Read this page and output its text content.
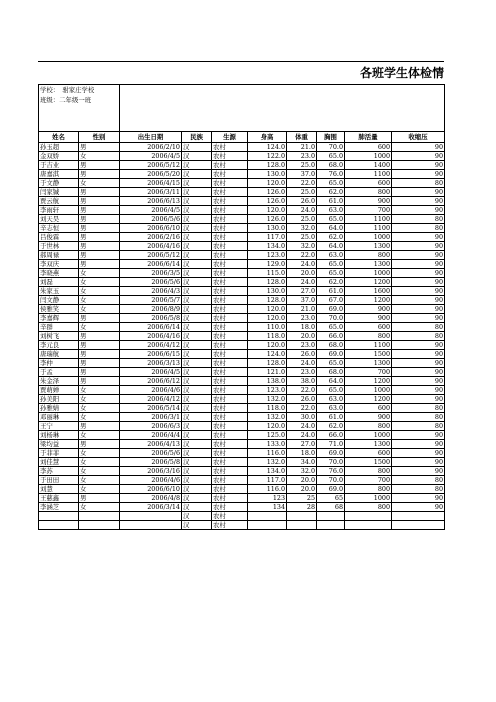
各班学生体检情
学校：　驸家庄学校
班级：二年级一班									

姓名	性别	出生日期	民族	生源	身高	体重	胸围	肺活量	收缩压
孙玉超	男	2006/2/10	汉	农村	124.0	21.0	70.0	600	90
金双娇	女	2006/4/5	汉	农村	122.0	23.0	65.0	1000	90
于吉业	男	2006/5/12	汉	农村	128.0	25.0	68.0	1400	90
唐嘉淇	男	2006/5/20	汉	农村	130.0	37.0	76.0	1100	90
于文静	女	2006/4/15	汉	农村	120.0	22.0	65.0	600	80
闫家铖	男	2006/3/11	汉	农村	126.0	25.0	62.0	800	90
贾云航	男	2006/6/13	汉	农村	126.0	26.0	61.0	900	90
李雨轩	男	2006/4/5	汉	农村	120.0	24.0	63.0	700	90
刘天昊	男	2006/5/6	汉	农村	126.0	25.0	65.0	1100	80
辛志恒	男	2006/6/10	汉	农村	130.0	32.0	64.0	1100	80
吕俊霖	男	2006/2/16	汉	农村	117.0	25.0	62.0	1000	90
于世林	男	2006/4/16	汉	农村	134.0	32.0	64.0	1300	90
郝周禄	男	2006/5/12	汉	农村	123.0	22.0	63.0	800	90
李双庆	男	2006/6/14	汉	农村	129.0	24.0	65.0	1300	90
李晓燕	女	2006/3/5	汉	农村	115.0	20.0	65.0	1000	90
刘磊	女	2006/5/6	汉	农村	128.0	24.0	62.0	1200	90
朱家玉	女	2006/4/3	汉	农村	130.0	27.0	61.0	1600	90
闫文静	女	2006/5/7	汉	农村	128.0	37.0	67.0	1200	90
侯雅笑	女	2006/8/9	汉	农村	120.0	21.0	69.0	900	90
李嘉辉	男	2006/5/8	汉	农村	120.0	23.0	70.0	900	90
辛群	女	2006/6/14	汉	农村	110.0	18.0	65.0	600	80
刘树飞	男	2006/4/16	汉	农村	118.0	20.0	66.0	800	80
李元良	男	2006/4/12	汉	农村	120.0	23.0	68.0	1100	90
唐瑞航	男	2006/6/15	汉	农村	124.0	26.0	69.0	1500	90
李仲	男	2006/3/13	汉	农村	128.0	24.0	65.0	1300	90
于孟	男	2006/4/5	汉	农村	121.0	23.0	68.0	700	90
朱金泽	男	2006/6/12	汉	农村	138.0	38.0	64.0	1200	90
贾萌婵	女	2006/4/6	汉	农村	123.0	22.0	65.0	1000	90
孙美阳	女	2006/4/12	汉	农村	132.0	26.0	63.0	1200	90
孙雅婧	女	2006/5/14	汉	农村	118.0	22.0	63.0	600	80
邓丽琳	女	2006/3/1	汉	农村	132.0	30.0	61.0	900	80
王宁	男	2006/6/3	汉	农村	120.0	24.0	62.0	800	80
刘杨琳	女	2006/4/4	汉	农村	125.0	24.0	66.0	1000	90
梁均益	男	2006/4/13	汉	农村	133.0	27.0	71.0	1300	90
于菲菲	女	2006/5/6	汉	农村	116.0	18.0	69.0	600	90
刘佳慧	女	2006/5/8	汉	农村	132.0	34.0	70.0	1500	90
李苏	女	2006/3/16	汉	农村	134.0	32.0	76.0	800	90
于田田	女	2006/4/6	汉	农村	117.0	20.0	70.0	700	80
刘慧	女	2006/6/10	汉	农村	116.0	20.0	69.0	800	80
王慈鑫	男	2006/4/8	汉	农村	123	25	65	1000	90
李涵芝	女	2006/3/14	汉	农村	134	28	68	800	90
			汉	农村					
			汉	农村					
